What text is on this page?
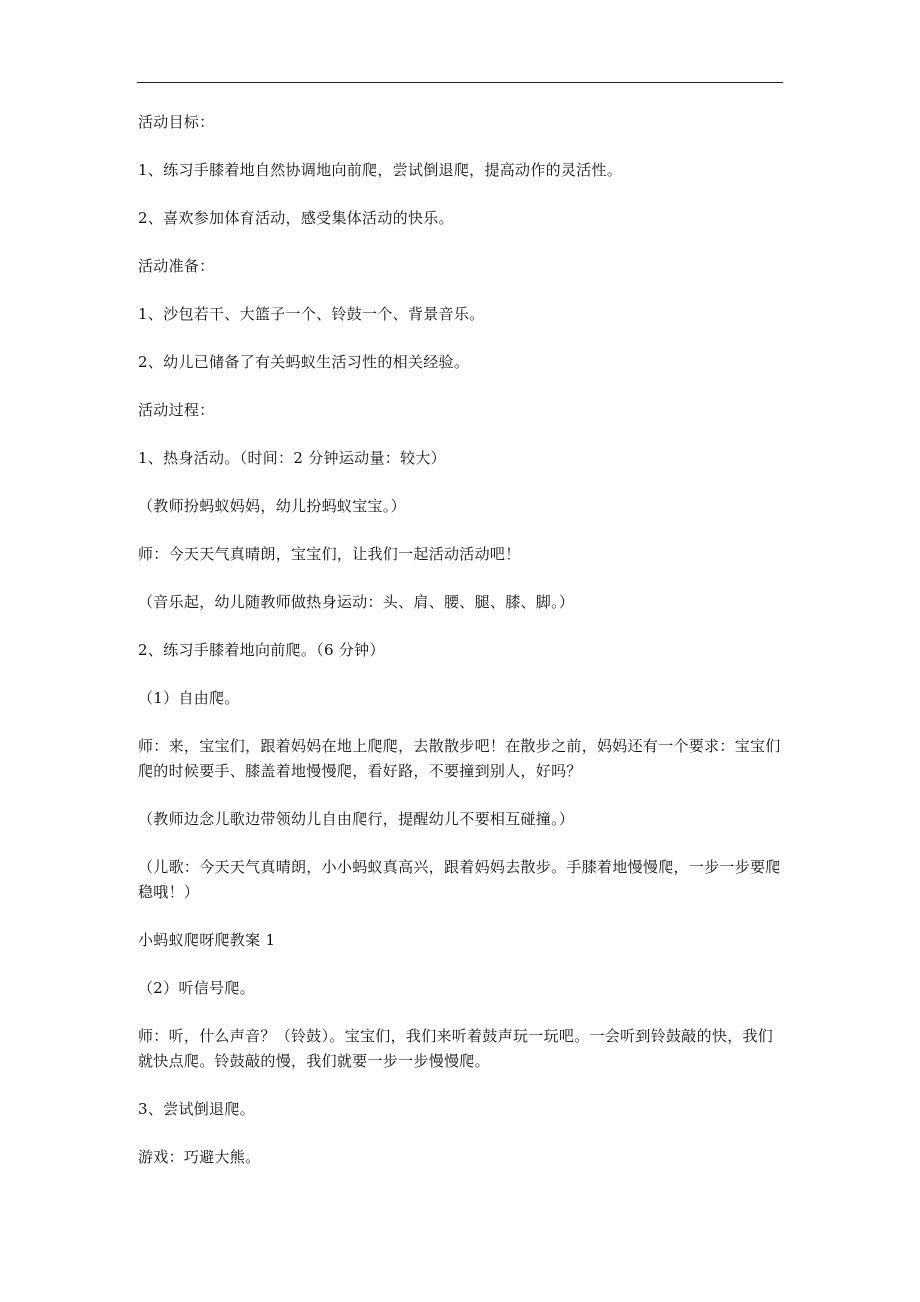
活动目标：

1、练习手膝着地自然协调地向前爬，尝试倒退爬，提高动作的灵活性。

2、喜欢参加体育活动，感受集体活动的快乐。

活动准备：

1、沙包若干、大篮子一个、铃鼓一个、背景音乐。

2、幼儿已储备了有关蚂蚁生活习性的相关经验。

活动过程：

1、热身活动。（时间：2 分钟运动量：较大）

（教师扮蚂蚁妈妈，幼儿扮蚂蚁宝宝。）

师：今天天气真晴朗，宝宝们，让我们一起活动活动吧！

（音乐起，幼儿随教师做热身运动：头、肩、腰、腿、膝、脚。）

2、练习手膝着地向前爬。（6 分钟）

（1）自由爬。

师：来，宝宝们，跟着妈妈在地上爬爬，去散散步吧！在散步之前，妈妈还有一个要求：宝宝们爬的时候要手、膝盖着地慢慢爬，看好路，不要撞到别人，好吗？

（教师边念儿歌边带领幼儿自由爬行，提醒幼儿不要相互碰撞。）

（儿歌：今天天气真晴朗，小小蚂蚁真高兴，跟着妈妈去散步。手膝着地慢慢爬，一步一步要爬稳哦！）

小蚂蚁爬呀爬教案 1

（2）听信号爬。

师：听，什么声音？（铃鼓）。宝宝们，我们来听着鼓声玩一玩吧。一会听到铃鼓敲的快，我们就快点爬。铃鼓敲的慢，我们就要一步一步慢慢爬。

3、尝试倒退爬。

游戏：巧避大熊。
